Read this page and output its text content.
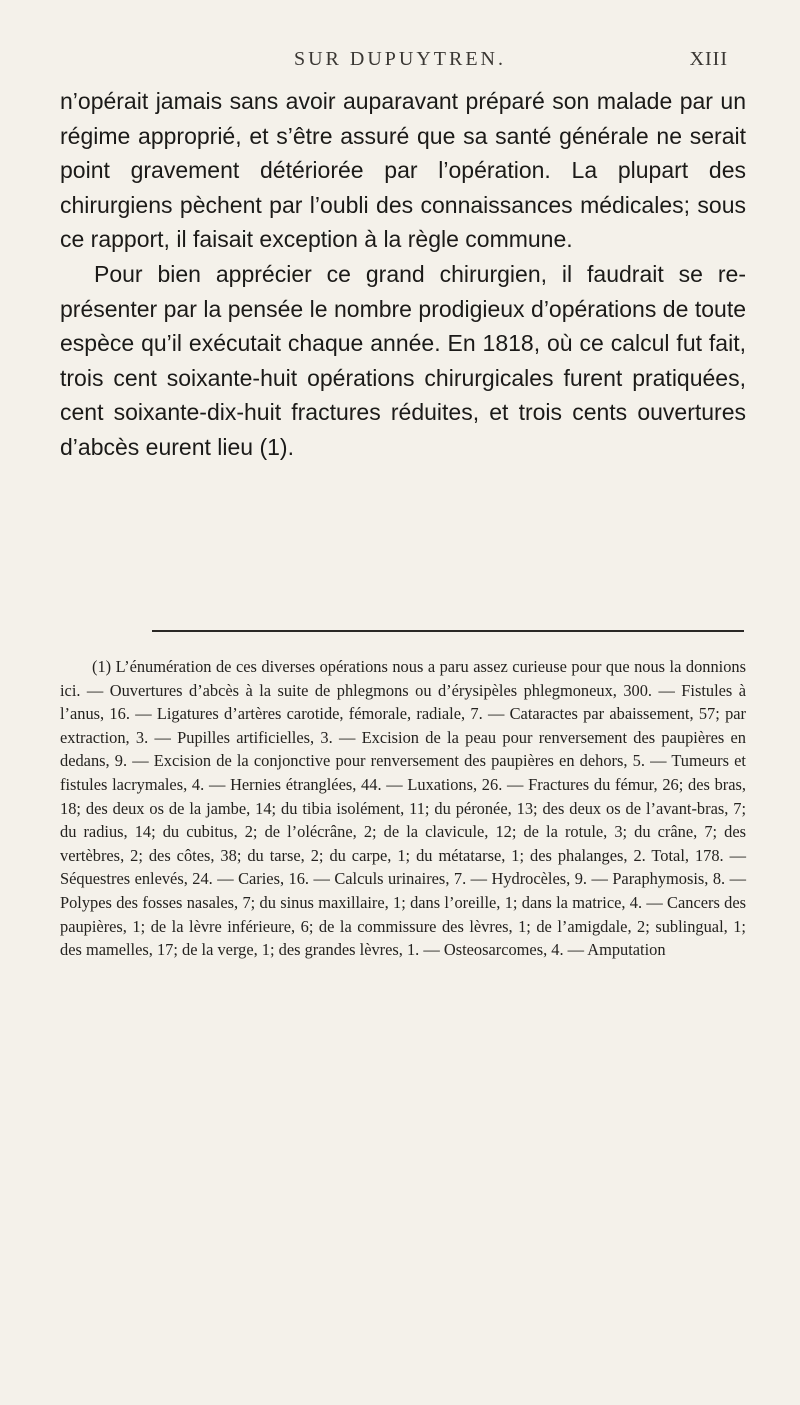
SUR DUPUYTREN.	XIII

n’opérait jamais sans avoir auparavant préparé son malade par un régime approprié, et s’être assuré que sa santé générale ne serait point gravement détériorée par l’opération. La plupart des chirurgiens pèchent par l’oubli des connaissances médicales; sous ce rapport, il faisait exception à la règle commune.

Pour bien apprécier ce grand chirurgien, il faudrait se représenter par la pensée le nombre prodigieux d’opérations de toute espèce qu’il exécutait chaque année. En 1818, où ce calcul fut fait, trois cent soixante-huit opérations chirurgicales furent pratiquées, cent soixante-dix-huit fractures réduites, et trois cents ouvertures d’abcès eurent lieu (1).

(1) L’énumération de ces diverses opérations nous a paru assez curieuse pour que nous la donnions ici. — Ouvertures d’abcès à la suite de phlegmons ou d’érysipèles phlegmoneux, 300. — Fistules à l’anus, 16. — Ligatures d’artères carotide, fémorale, radiale, 7. — Cataractes par abaissement, 57; par extraction, 3. — Pupilles artificielles, 3. — Excision de la peau pour renversement des paupières en dedans, 9. — Excision de la conjonctive pour renversement des paupières en dehors, 5. — Tumeurs et fistules lacrymales, 4. — Hernies étranglées, 44. — Luxations, 26. — Fractures du fémur, 26; des bras, 18; des deux os de la jambe, 14; du tibia isolément, 11; du péronée, 13; des deux os de l’avant-bras, 7; du radius, 14; du cubitus, 2; de l’olécrâne, 2; de la clavicule, 12; de la rotule, 3; du crâne, 7; des vertèbres, 2; des côtes, 38; du tarse, 2; du carpe, 1; du métatarse, 1; des phalanges, 2. Total, 178. — Séquestres enlevés, 24. — Caries, 16. — Calculs urinaires, 7. — Hydrocèles, 9. — Paraphymosis, 8. — Polypes des fosses nasales, 7; du sinus maxillaire, 1; dans l’oreille, 1; dans la matrice, 4. — Cancers des paupières, 1; de la lèvre inférieure, 6; de la commissure des lèvres, 1; de l’amigdale, 2; sublingual, 1; des mamelles, 17; de la verge, 1; des grandes lèvres, 1. — Osteosarcomes, 4. — Amputation
